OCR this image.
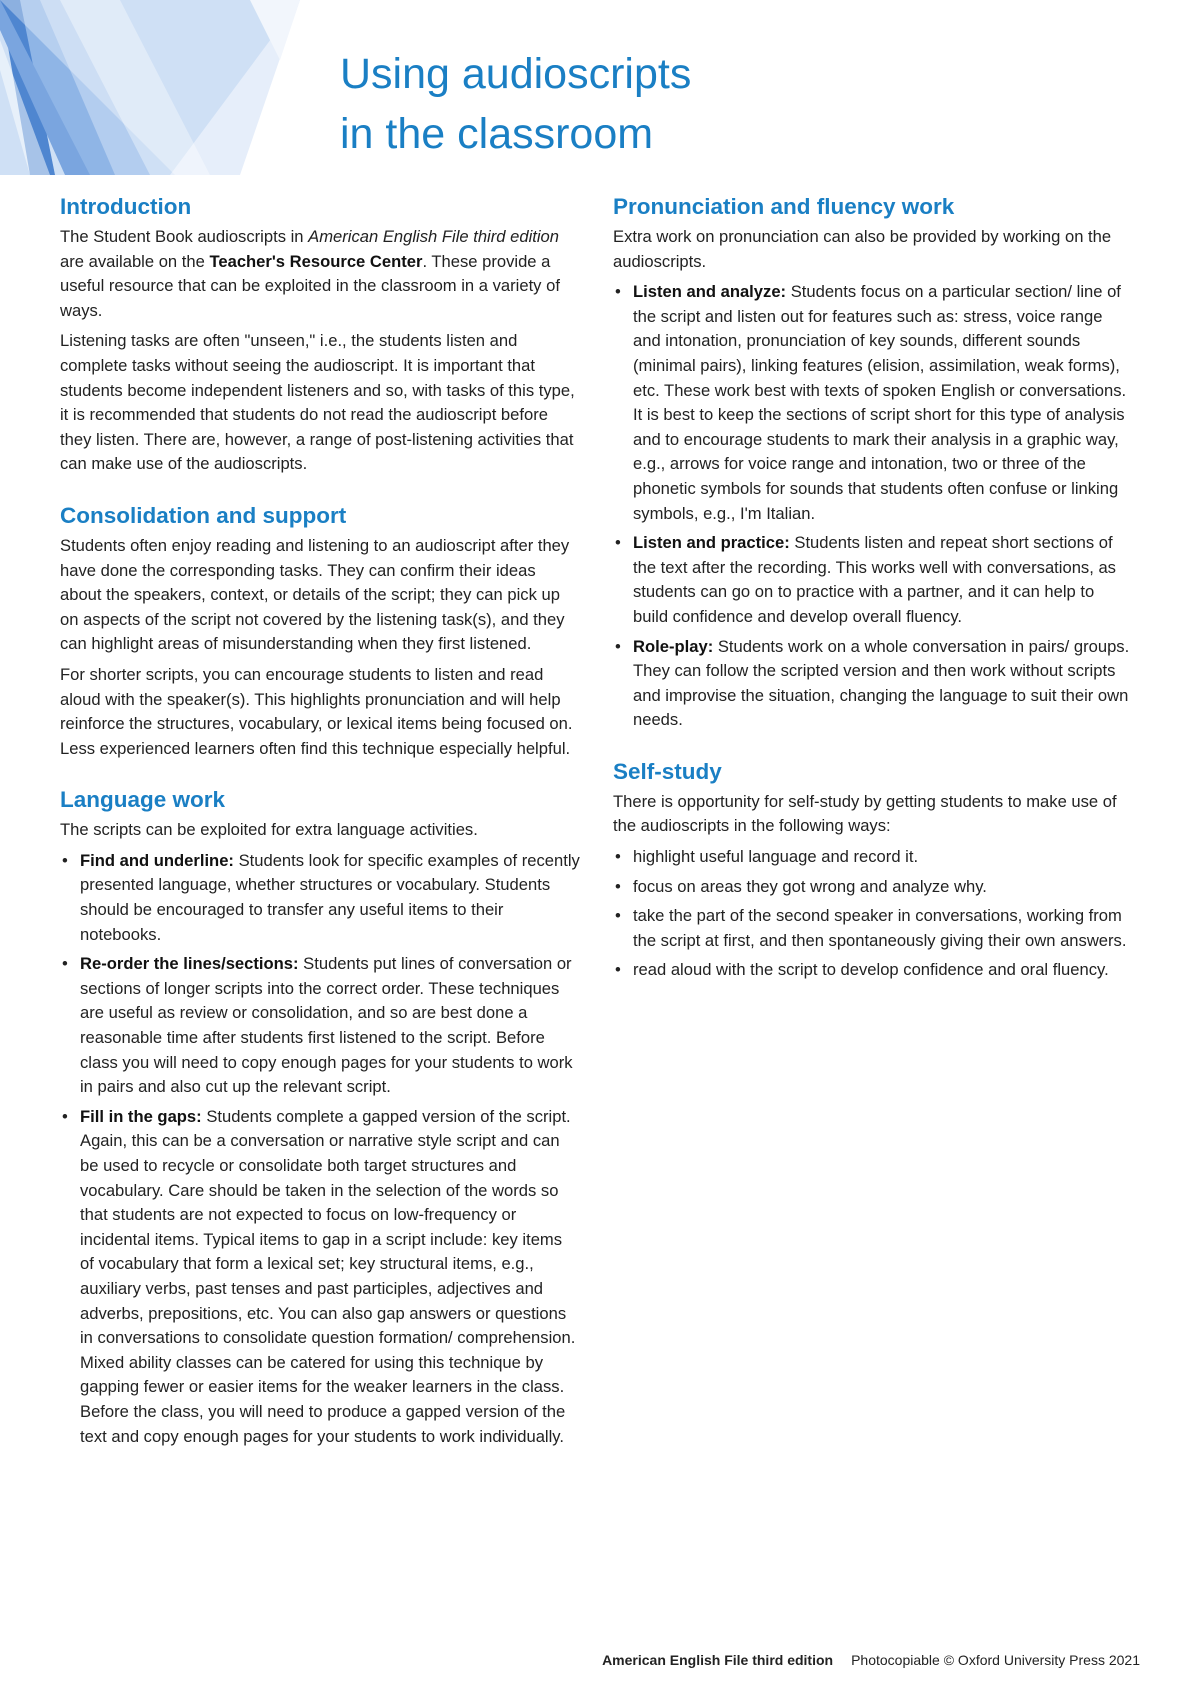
Using audioscripts
in the classroom
Introduction

The Student Book audioscripts in American English File third edition are available on the Teacher's Resource Center. These provide a useful resource that can be exploited in the classroom in a variety of ways.

Listening tasks are often "unseen," i.e., the students listen and complete tasks without seeing the audioscript. It is important that students become independent listeners and so, with tasks of this type, it is recommended that students do not read the audioscript before they listen. There are, however, a range of post-listening activities that can make use of the audioscripts.

Consolidation and support

Students often enjoy reading and listening to an audioscript after they have done the corresponding tasks. They can confirm their ideas about the speakers, context, or details of the script; they can pick up on aspects of the script not covered by the listening task(s), and they can highlight areas of misunderstanding when they first listened.

For shorter scripts, you can encourage students to listen and read aloud with the speaker(s). This highlights pronunciation and will help reinforce the structures, vocabulary, or lexical items being focused on. Less experienced learners often find this technique especially helpful.

Language work

The scripts can be exploited for extra language activities.

• Find and underline: Students look for specific examples of recently presented language, whether structures or vocabulary. Students should be encouraged to transfer any useful items to their notebooks.
• Re-order the lines/sections: Students put lines of conversation or sections of longer scripts into the correct order. These techniques are useful as review or consolidation, and so are best done a reasonable time after students first listened to the script. Before class you will need to copy enough pages for your students to work in pairs and also cut up the relevant script.
• Fill in the gaps: Students complete a gapped version of the script. Again, this can be a conversation or narrative style script and can be used to recycle or consolidate both target structures and vocabulary. Care should be taken in the selection of the words so that students are not expected to focus on low-frequency or incidental items. Typical items to gap in a script include: key items of vocabulary that form a lexical set; key structural items, e.g., auxiliary verbs, past tenses and past participles, adjectives and adverbs, prepositions, etc. You can also gap answers or questions in conversations to consolidate question formation/ comprehension. Mixed ability classes can be catered for using this technique by gapping fewer or easier items for the weaker learners in the class. Before the class, you will need to produce a gapped version of the text and copy enough pages for your students to work individually.
Pronunciation and fluency work

Extra work on pronunciation can also be provided by working on the audioscripts.

• Listen and analyze: Students focus on a particular section/ line of the script and listen out for features such as: stress, voice range and intonation, pronunciation of key sounds, different sounds (minimal pairs), linking features (elision, assimilation, weak forms), etc. These work best with texts of spoken English or conversations. It is best to keep the sections of script short for this type of analysis and to encourage students to mark their analysis in a graphic way, e.g., arrows for voice range and intonation, two or three of the phonetic symbols for sounds that students often confuse or linking symbols, e.g., I'm Italian.
• Listen and practice: Students listen and repeat short sections of the text after the recording. This works well with conversations, as students can go on to practice with a partner, and it can help to build confidence and develop overall fluency.
• Role-play: Students work on a whole conversation in pairs/ groups. They can follow the scripted version and then work without scripts and improvise the situation, changing the language to suit their own needs.
Self-study

There is opportunity for self-study by getting students to make use of the audioscripts in the following ways:

• highlight useful language and record it.
• focus on areas they got wrong and analyze why.
• take the part of the second speaker in conversations, working from the script at first, and then spontaneously giving their own answers.
• read aloud with the script to develop confidence and oral fluency.
American English File third edition Photocopiable © Oxford University Press 2021
